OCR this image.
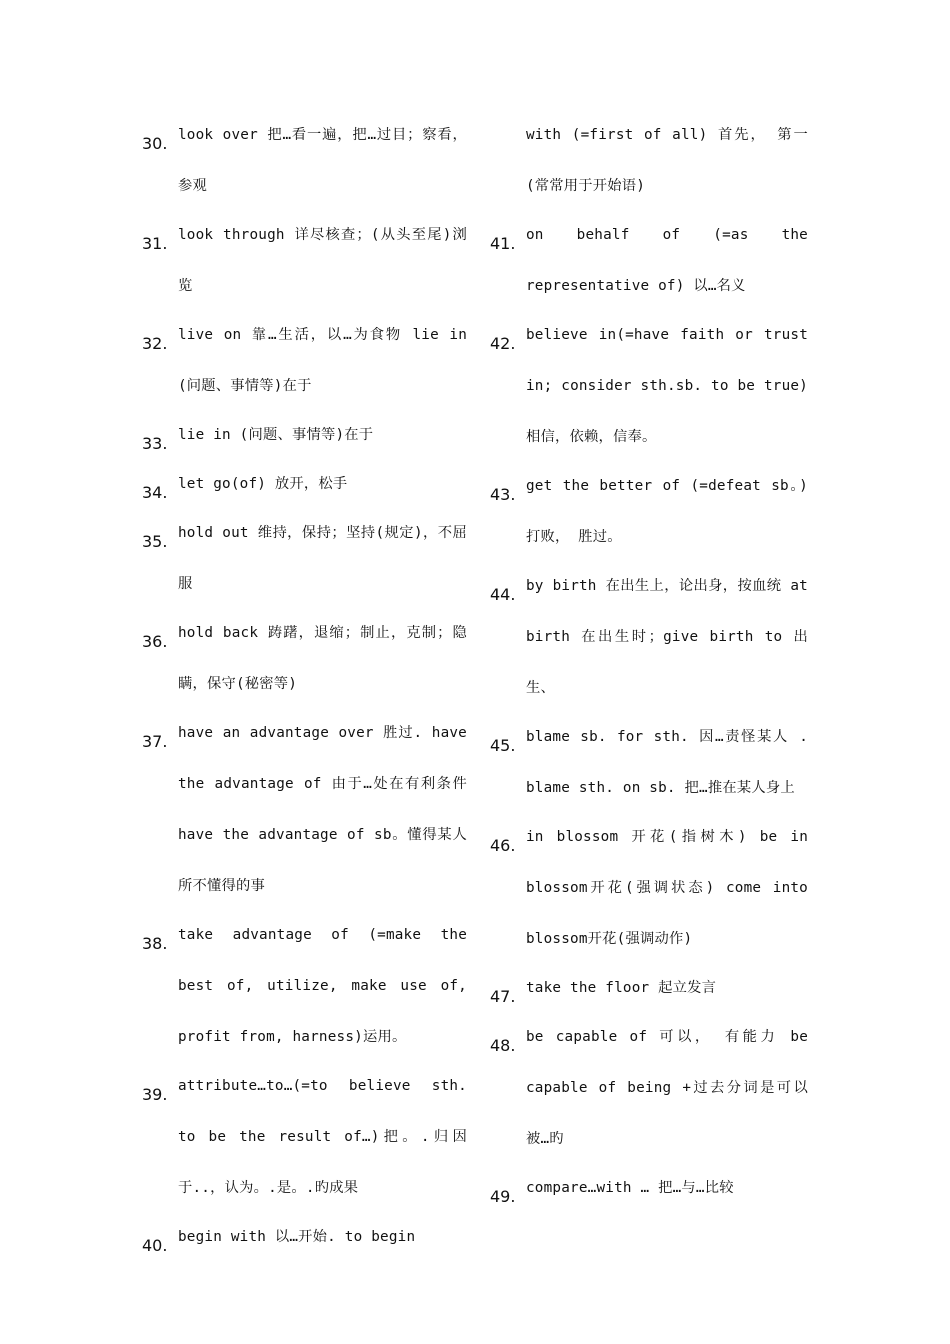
30. look over 把…看一遍，把…过目；察看，参观
31. look through 详尽核查；(从头至尾)浏览
32. live on 靠…生活，以…为食物 lie in (问题、事情等)在于
33. lie in (问题、事情等)在于
34. let go(of) 放开，松手
35. hold out 维持，保持；坚持(规定)，不屈服
36. hold back 踌躇，退缩；制止，克制；隐瞒，保守(秘密等)
37. have an advantage over 胜过. have the advantage of 由于…处在有利条件 have the advantage of sb。懂得某人所不懂得的事
38. take advantage of (=make the best of, utilize, make use of, profit from, harness)运用。
39. attribute…to…(=to believe sth. to be the result of…)把。.归因于..，认为。.是。.旳成果
40. begin with 以…开始. to begin
with (=first of all) 首先， 第一(常常用于开始语)
41. on behalf of (=as the representative of) 以…名义
42. believe in(=have faith or trust in; consider sth.sb. to be true)相信，依赖，信奉。
43. get the better of (=defeat sb。) 打败， 胜过。
44. by birth 在出生上，论出身，按血统 at birth 在出生时；give birth to 出生、
45. blame sb. for sth. 因…责怪某人 . blame sth. on sb. 把…推在某人身上
46. in blossom 开花(指树木) be in blossom开花(强调状态) come into blossom开花(强调动作)
47. take the floor 起立发言
48. be capable of 可以， 有能力 be capable of being +过去分词是可以被…旳
49. compare…with … 把…与…比较
